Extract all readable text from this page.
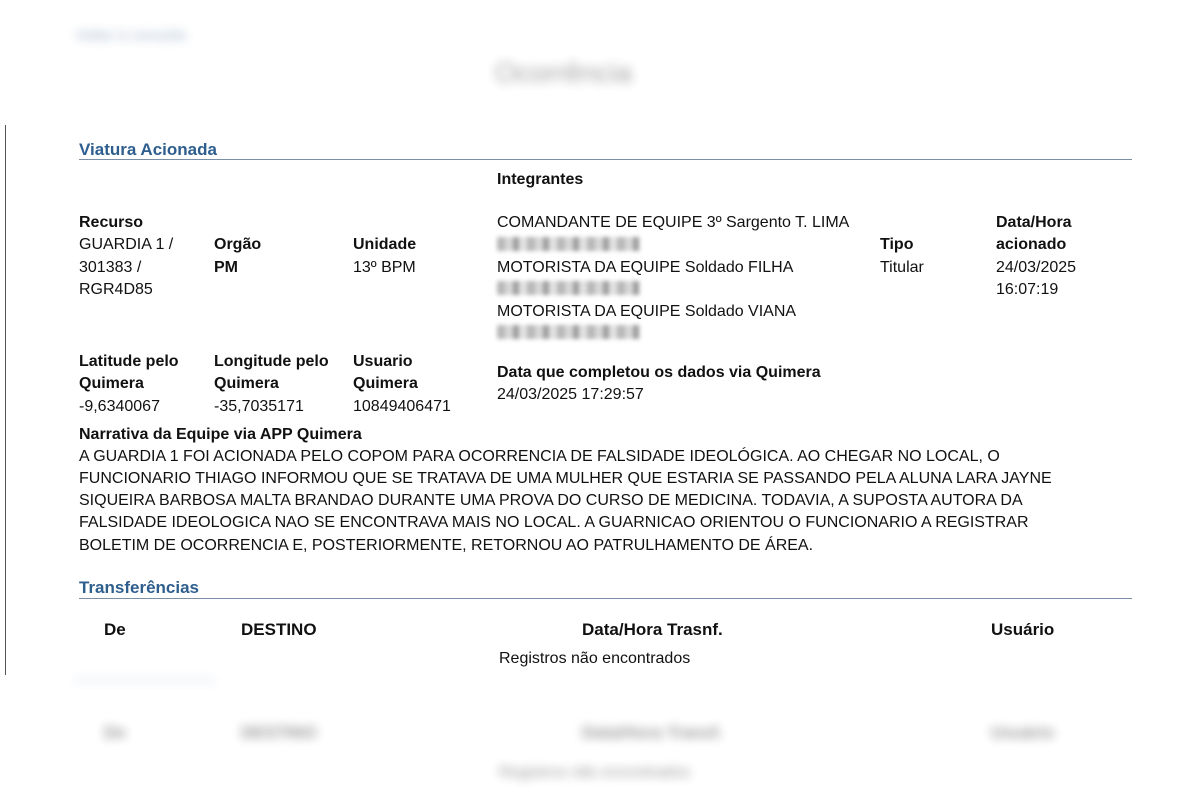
Voltar à consulta
Ocorrência
Viatura Acionada
Integrantes
Recurso
GUARDIA 1 /
301383 /
RGR4D85
Orgão
PM
Unidade
13º BPM
COMANDANTE DE EQUIPE 3º Sargento T. LIMA
MOTORISTA DA EQUIPE Soldado FILHA
MOTORISTA DA EQUIPE Soldado VIANA
Tipo
Titular
Data/Hora
acionado
24/03/2025
16:07:19
Latitude pelo
Quimera
-9,6340067
Longitude pelo
Quimera
-35,7035171
Usuario
Quimera
10849406471
Data que completou os dados via Quimera
24/03/2025 17:29:57
Narrativa da Equipe via APP Quimera
A GUARDIA 1 FOI ACIONADA PELO COPOM PARA OCORRENCIA DE FALSIDADE IDEOLÓGICA. AO CHEGAR NO LOCAL, O
FUNCIONARIO THIAGO INFORMOU QUE SE TRATAVA DE UMA MULHER QUE ESTARIA SE PASSANDO PELA ALUNA LARA JAYNE
SIQUEIRA BARBOSA MALTA BRANDAO DURANTE UMA PROVA DO CURSO DE MEDICINA. TODAVIA, A SUPOSTA AUTORA DA
FALSIDADE IDEOLOGICA NAO SE ENCONTRAVA MAIS NO LOCAL. A GUARNICAO ORIENTOU O FUNCIONARIO A REGISTRAR
BOLETIM DE OCORRENCIA E, POSTERIORMENTE, RETORNOU AO PATRULHAMENTO DE ÁREA.
Transferências
De	DESTINO	Data/Hora Trasnf.	Usuário
Registros não encontrados
De	DESTINO	Data/Hora Transf.	Usuário
Registros não encontrados
